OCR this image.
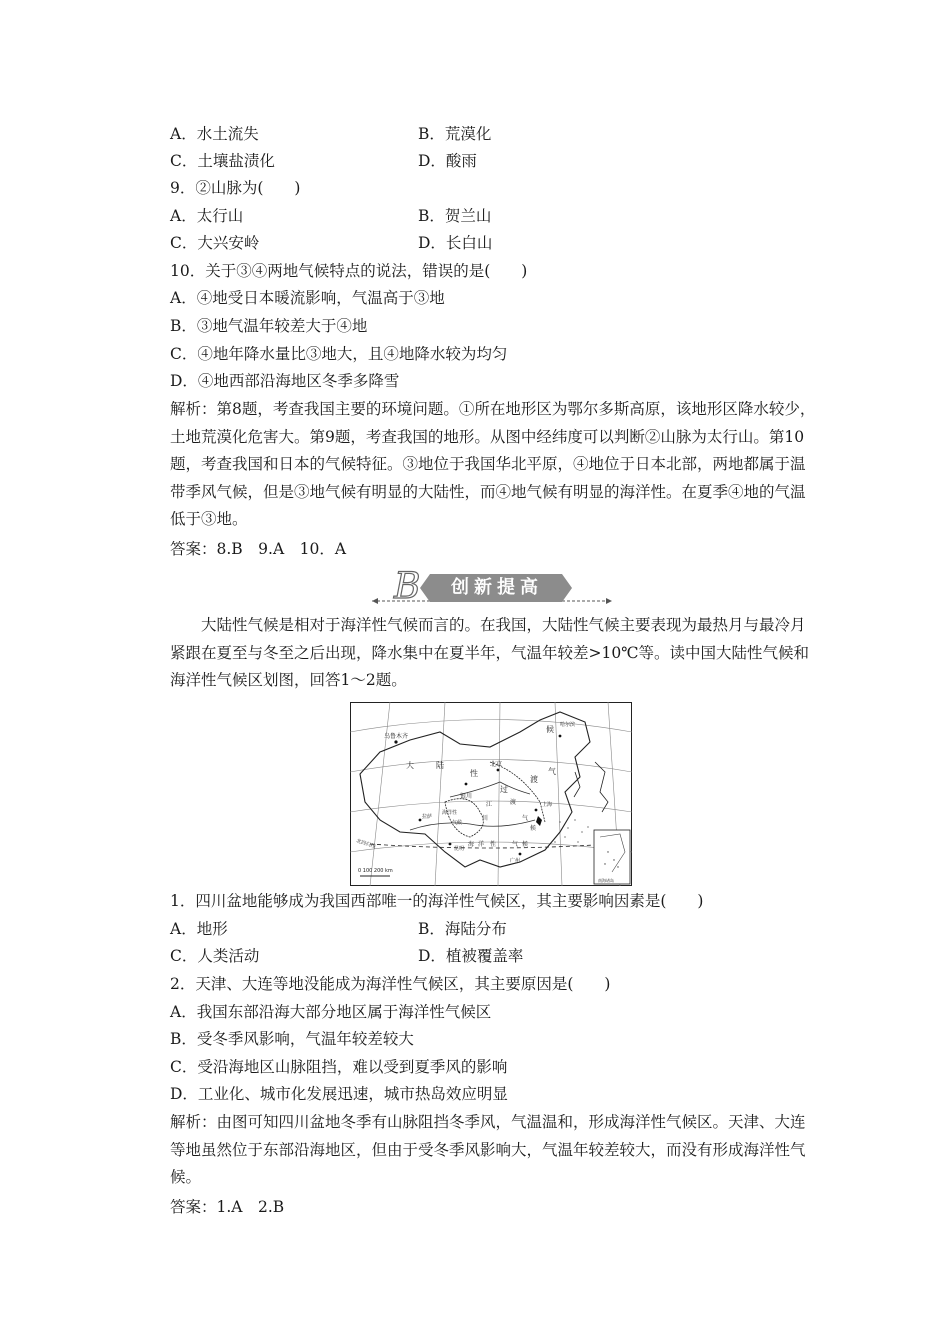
A．水土流失	B．荒漠化
C．土壤盐渍化	D．酸雨
9．②山脉为(　　)
A．太行山	B．贺兰山
C．大兴安岭	D．长白山
10．关于③④两地气候特点的说法，错误的是(　　)
A．④地受日本暖流影响，气温高于③地
B．③地气温年较差大于④地
C．④地年降水量比③地大，且④地降水较为均匀
D．④地西部沿海地区冬季多降雪
解析：第8题，考查我国主要的环境问题。①所在地形区为鄂尔多斯高原，该地形区降水较少，土地荒漠化危害大。第9题，考查我国的地形。从图中经纬度可以判断②山脉为太行山。第10题，考查我国和日本的气候特征。③地位于我国华北平原，④地位于日本北部，两地都属于温带季风气候，但是③地气候有明显的大陆性，而④地气候有明显的海洋性。在夏季④地的气温低于③地。
答案：8.B　9.A　10．A
B	创新提高
大陆性气候是相对于海洋性气候而言的。在我国，大陆性气候主要表现为最热月与最冷月紧跟在夏至与冬至之后出现，降水集中在夏半年，气温年较差>10℃等。读中国大陆性气候和海洋性气候区划图，回答1～2题。
乌鲁木齐
大	陆
性
北京
银川
过
渡
气
候 哈尔滨
海洋性
气候
拉萨
昆明
广州
上海
北回归线
0 100 200 km
南海诸岛
海 洋 性	气 候
江
川
渡
气
候
1．四川盆地能够成为我国西部唯一的海洋性气候区，其主要影响因素是(　　)
A．地形	B．海陆分布
C．人类活动	D．植被覆盖率
2．天津、大连等地没能成为海洋性气候区，其主要原因是(　　)
A．我国东部沿海大部分地区属于海洋性气候区
B．受冬季风影响，气温年较差较大
C．受沿海地区山脉阻挡，难以受到夏季风的影响
D．工业化、城市化发展迅速，城市热岛效应明显
解析：由图可知四川盆地冬季有山脉阻挡冬季风，气温温和，形成海洋性气候区。天津、大连等地虽然位于东部沿海地区，但由于受冬季风影响大，气温年较差较大，而没有形成海洋性气候。
答案：1.A　2.B
